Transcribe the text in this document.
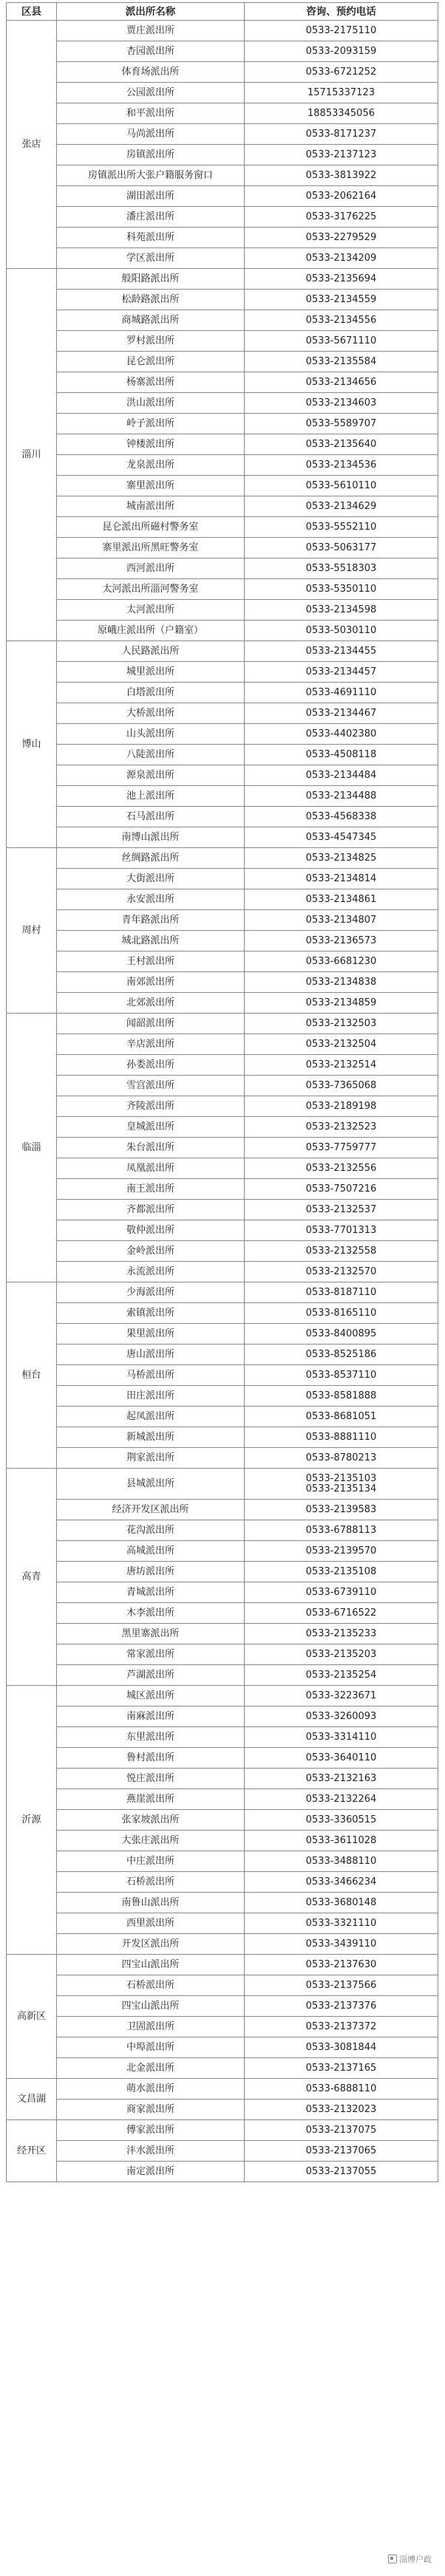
区县	派出所名称	咨询、预约电话
张店	贾庄派出所	0533-2175110

	杏园派出所	0533-2093159

	体育场派出所	0533-6721252

	公园派出所	15715337123

	和平派出所	18853345056

	马尚派出所	0533-8171237

	房镇派出所	0533-2137123

	房镇派出所大张户籍服务窗口	0533-3813922

	湖田派出所	0533-2062164

	潘庄派出所	0533-3176225

	科苑派出所	0533-2279529

	学区派出所	0533-2134209

淄川	般阳路派出所	0533-2135694

	松龄路派出所	0533-2134559

	商城路派出所	0533-2134556

	罗村派出所	0533-5671110

	昆仑派出所	0533-2135584

	杨寨派出所	0533-2134656

	洪山派出所	0533-2134603

	岭子派出所	0533-5589707

	钟楼派出所	0533-2135640

	龙泉派出所	0533-2134536

	寨里派出所	0533-5610110

	城南派出所	0533-2134629

	昆仑派出所磁村警务室	0533-5552110

	寨里派出所黑旺警务室	0533-5063177

	西河派出所	0533-5518303

	太河派出所淄河警务室	0533-5350110

	太河派出所	0533-2134598

	原峨庄派出所（户籍室）	0533-5030110

博山	人民路派出所	0533-2134455

	城里派出所	0533-2134457

	白塔派出所	0533-4691110

	大桥派出所	0533-2134467

	山头派出所	0533-4402380

	八陡派出所	0533-4508118

	源泉派出所	0533-2134484

	池上派出所	0533-2134488

	石马派出所	0533-4568338

	南博山派出所	0533-4547345

周村	丝绸路派出所	0533-2134825

	大街派出所	0533-2134814

	永安派出所	0533-2134861

	青年路派出所	0533-2134807

	城北路派出所	0533-2136573

	王村派出所	0533-6681230

	南郊派出所	0533-2134838

	北郊派出所	0533-2134859

临淄	闻韶派出所	0533-2132503

	辛店派出所	0533-2132504

	孙娄派出所	0533-2132514

	雪宫派出所	0533-7365068

	齐陵派出所	0533-2189198

	皇城派出所	0533-2132523

	朱台派出所	0533-7759777

	凤凰派出所	0533-2132556

	南王派出所	0533-7507216

	齐都派出所	0533-2132537

	敬仲派出所	0533-7701313

	金岭派出所	0533-2132558

	永流派出所	0533-2132570

桓台	少海派出所	0533-8187110

	索镇派出所	0533-8165110

	果里派出所	0533-8400895

	唐山派出所	0533-8525186

	马桥派出所	0533-8537110

	田庄派出所	0533-8581888

	起凤派出所	0533-8681051

	新城派出所	0533-8881110

	荆家派出所	0533-8780213

高青	县城派出所	0533-2135103
0533-2135134

	经济开发区派出所	0533-2139583

	花沟派出所	0533-6788113

	高城派出所	0533-2139570

	唐坊派出所	0533-2135108

	青城派出所	0533-6739110

	木李派出所	0533-6716522

	黑里寨派出所	0533-2135233

	常家派出所	0533-2135203

	芦湖派出所	0533-2135254

沂源	城区派出所	0533-3223671

	南麻派出所	0533-3260093

	东里派出所	0533-3314110

	鲁村派出所	0533-3640110

	悦庄派出所	0533-2132163

	燕崖派出所	0533-2132264

	张家坡派出所	0533-3360515

	大张庄派出所	0533-3611028

	中庄派出所	0533-3488110

	石桥派出所	0533-3466234

	南鲁山派出所	0533-3680148

	西里派出所	0533-3321110

	开发区派出所	0533-3439110

高新区	四宝山派出所	0533-2137630

	石桥派出所	0533-2137566

	四宝山派出所	0533-2137376

	卫固派出所	0533-2137372

	中埠派出所	0533-3081844

	北金派出所	0533-2137165

文昌湖	萌水派出所	0533-6888110

	商家派出所	0533-2132023

经开区	傅家派出所	0533-2137075

	沣水派出所	0533-2137065

	南定派出所	0533-2137055
淄博户政
